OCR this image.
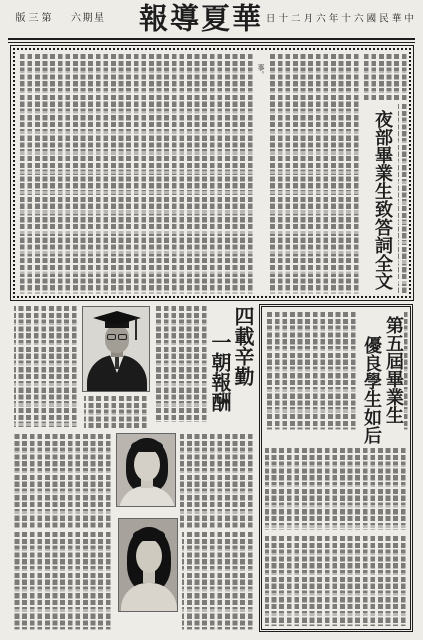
第三版	星期六	華夏導報	中華民國六十年六月二十日
事。
夜部畢業生致答詞全文
四載辛勤
一朝報酬	第五屆畢業生
優良學生如后
